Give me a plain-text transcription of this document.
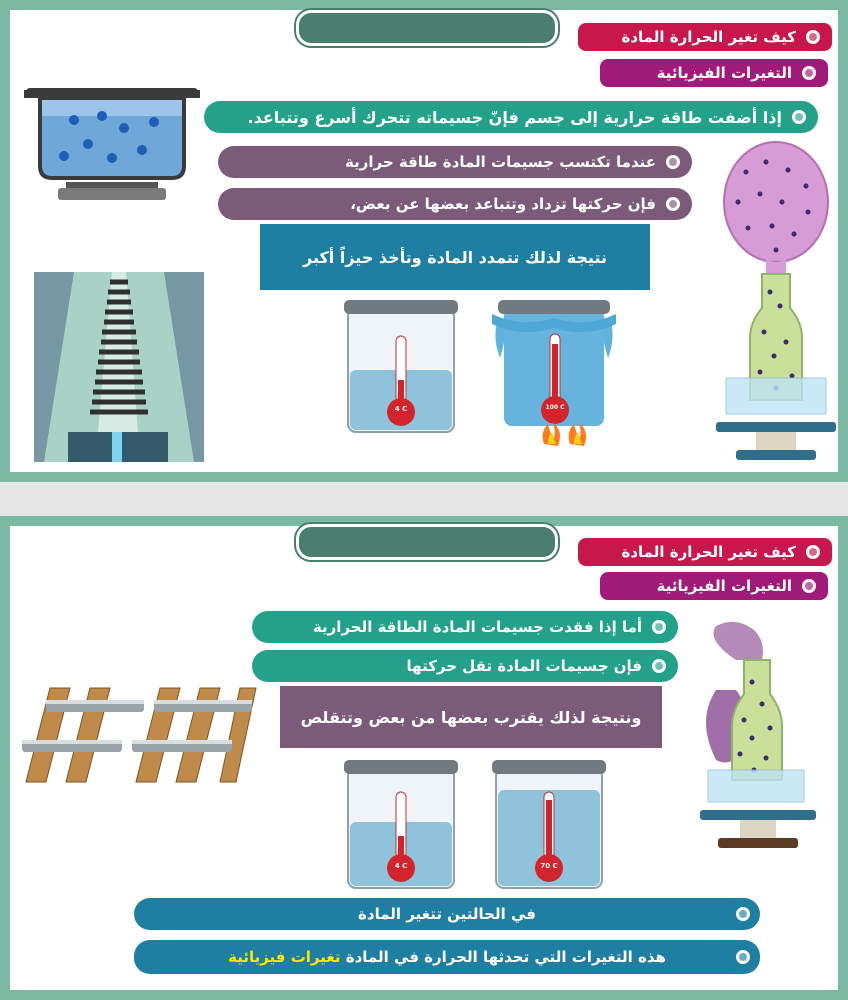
كيف تغير الحرارة المادة
التغيرات الفيزيائية
إذا أضفت طاقة حرارية إلى جسم فإنّ جسيماته تتحرك أسرع وتتباعد.
عندما تكتسب جسيمات المادة طاقة حرارية
فإن حركتها تزداد وتتباعد بعضها عن بعض،
نتيجة لذلك تتمدد المادة وتأخذ حيزاً أكبر
4 C	100 C
كيف تغير الحرارة المادة
التغيرات الفيزيائية
أما إذا فقدت جسيمات المادة الطاقة الحرارية
فإن جسيمات المادة تقل حركتها
ونتيجة لذلك يقترب بعضها من بعض وتتقلص
4 C	70 C
في الحالتين تتغير المادة
هذه التغيرات التي تحدثها الحرارة في المادة

تغيرات فيزيائية
